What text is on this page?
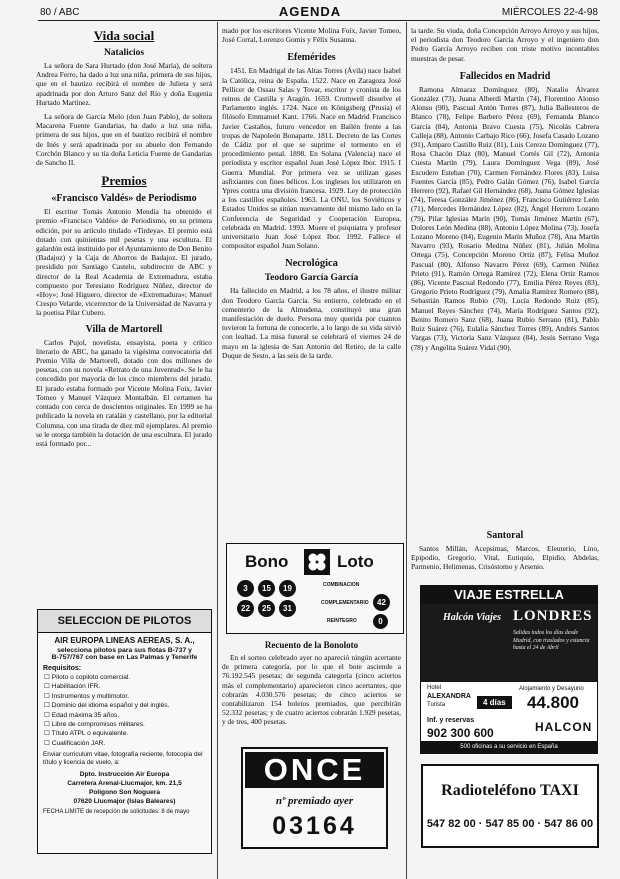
80 / ABC	AGENDA	MIÉRCOLES 22-4-98
Vida social
Natalicios

La señora de Sara Hurtado (don José María), de soltera Andrea Ferro, ha dado a luz una niña, primera de sus hijos, que en el bautizo recibirá el nombre de Julieta y será apadrinada por don Arturo Sanz del Río y doña Eugenia Hurtado Martínez.

La señora de García Melo (don Juan Pablo), de soltera Macarena Fuente Gandarias, ha dado a luz una niña, primera de sus hijos, que en el bautizo recibirá el nombre de Inés y será apadrinada por su abuelo don Fernando Corchón Blanco y su tía doña Leticia Fuente de Gandarias de Sancho II.

Premios
«Francisco Valdés» de Periodismo

El escritor Tomás Antonio Mendía ha obtenido el premio «Francisco Valdés» de Periodismo, en su primera edición, por su artículo titulado «Tirdeya». El premio está dotado con quinientas mil pesetas y una escultura. El galardón está instituido por el Ayuntamiento de Don Benito (Badajoz) y la Caja de Ahorros de Badajoz. El jurado, presidido por Santiago Castelo, subdirector de ABC y director de la Real Academia de Extremadura, estaba compuesto por Teresiano Rodríguez Núñez, director de «Hoy»; José Higuero, director de «Extremadura»; Manuel Crespo Velarde, vicerrector de la Universidad de Navarra y la poetisa Pilar Cubero.

Villa de Martorell

Carlos Pujol, novelista, ensayista, poeta y crítico literario de ABC, ha ganado la vigésima convocatoria del Premio Villa de Martorell, dotado con dos millones de pesetas, con su novela «Retrato de una Juventud». Se le ha concedido por mayoría de los cinco miembros del jurado. El jurado estaba formado por Vicente Molina Foix, Javier Tomeo y Manuel Vázquez Montalbán. El certamen ha contado con cerca de doscientos originales. En 1999 se ha publicado la novela en catalán y castellano, por la editorial Columna, con una tirada de diez mil ejemplares. Al premio se le otorga también la dotación de una escultura. El jurado está formado por...

SELECCION DE PILOTOS
AIR EUROPA LINEAS AEREAS, S. A.,
selecciona pilotos para sus flotas B-737 y
B-757/767 con base en Las Palmas y Tenerife
Requisitos:
☐ Piloto o copiloto comercial.
☐ Habilitación IFR.
☐ Instrumentos y multimotor.
☐ Dominio del idioma español y del inglés.
☐ Edad máxima 35 años.
☐ Libre de compromisos militares.
☐ Título ATPL o equivalente.
☐ Cualificación JAR.
Enviar curriculum vitae, fotografía reciente, fotocopia del título y licencia de vuelo, a:
Dpto. Instrucción Air Europa
Carretera Arenal-Llucmajor, km. 21,5
Polígono Son Noguera
07620 Llucmajor (Islas Baleares)
FECHA LIMITE de recepción de solicitudes: 8 de mayo

mado por los escritores Vicente Molina Foix, Javier Tomeo, José Corral, Lorenzo Gomis y Félix Susanna.

Efemérides

1451. En Madrigal de las Altas Torres (Ávila) nace Isabel la Católica, reina de España. 1522. Nace en Zaragoza José Pellicer de Ossau Salas y Tovar, escritor y cronista de los reinos de Castilla y Aragón. 1659. Cromwell disuelve el Parlamento inglés. 1724. Nace en Königsberg (Prusia) el filósofo Emmanuel Kant. 1766. Nace en Madrid Francisco Javier Castaños, futuro vencedor en Bailén frente a las tropas de Napoleón Bonaparte. 1811. Decreto de las Cortes de Cádiz por el que se suprime el tormento en el procedimiento penal. 1898. En Solana (Valencia) nace el periodista y escritor español Juan José López Ibor. 1915. I Guerra Mundial. Por primera vez se utilizan gases asfixiantes con fines bélicos. Los ingleses los utilizaron en Ypres contra una división francesa. 1929. Ley de protección a los castillos españoles. 1963. La ONU, los Soviéticos y Estados Unidos se sitúan nuevamente del mismo lado en la Conferencia de Seguridad y Cooperación Europea, celebrada en Madrid. 1993. Muere el psiquiatra y profesor universitario Juan José López Ibor. 1992. Fallece el compositor español Juan Solano.

Necrológica
Teodoro García García

Ha fallecido en Madrid, a los 78 años, el ilustre militar don Teodoro García García. Su entierro, celebrado en el cementerio de la Almudena, constituyó una gran manifestación de duelo. Persona muy querida por cuantos tuvieron la fortuna de conocerle, a lo largo de su vida sirvió con lealtad. La misa funeral se celebrará el viernes 24 de mayo en la iglesia de San Antonio del Retiro, de la calle Duque de Sesto, a las seis de la tarde.

Bono	Loto
COMBINACION
3	15	19
22	25	31
COMPLEMENTARIO	42
REINTEGRO	0
Recuento de la Bonoloto

En el sorteo celebrado ayer no apareció ningún acertante de primera categoría, por lo que el bote asciende a 76.192.545 pesetas; de segunda categoría (cinco aciertos más el complementario) aparecieron cinco acertantes, que cobrarán 4.030.576 pesetas; de cinco aciertos se contabilizaron 154 boletos premiados, que percibirán 52.332 pesetas; y de cuatro aciertos cobrarán 1.929 pesetas, y de tres, 400 pesetas.

ONCE
nº premiado ayer
03164

la tarde. Su viuda, doña Concepción Arroyo Arroyo y sus hijos, el periodista don Teodoro García Arroyo y el ingeniero don Pedro García Arroyo reciben con triste motivo incontables muestras de pesar.

Fallecidos en Madrid

Ramona Almaraz Domínguez (80), Natalio Álvarez González (73), Juana Alberdi Martín (74), Florentino Alonso Alonso (90), Pascual Antón Torres (87), Julia Ballesteros de Blanco (78), Felipe Barbero Pérez (69), Fernanda Blanco García (84), Antonia Bravo Cuesta (75), Nicolás Cabrera Calleja (88), Antonio Carbajo Rico (66), Josefa Casado Lozano (91), Amparo Castillo Ruiz (81), Luis Cerezo Domínguez (77), Rosa Chacón Díaz (80), Manuel Cortés Gil (72), Antonia Cuesta Martín (79), Laura Domínguez Vega (89), José Escudero Esteban (70), Carmen Fernández Flores (83), Luisa Fuentes García (85), Pedro Galán Gómez (76), Isabel García Herrero (92), Rafael Gil Hernández (68), Juana Gómez Iglesias (74), Teresa González Jiménez (86), Francisco Gutiérrez León (71), Mercedes Hernández López (82), Ángel Herrero Lozano (79), Pilar Iglesias Marín (90), Tomás Jiménez Martín (67), Dolores León Medina (88), Antonio López Molina (73), Josefa Lozano Moreno (84), Eugenio Marín Muñoz (78), Ana Martín Navarro (93), Rosario Medina Núñez (81), Julián Molina Ortega (75), Concepción Moreno Ortiz (87), Felisa Muñoz Pascual (80), Alfonso Navarro Pérez (69), Carmen Núñez Prieto (91), Ramón Ortega Ramírez (72), Elena Ortiz Ramos (86), Vicente Pascual Redondo (77), Emilia Pérez Reyes (83), Gregorio Prieto Rodríguez (79), Amalia Ramírez Romero (88), Sebastián Ramos Rubio (70), Lucía Redondo Ruiz (85), Manuel Reyes Sánchez (74), María Rodríguez Santos (92), Benito Romero Sanz (68), Juana Rubio Serrano (81), Pablo Ruiz Suárez (76), Eulalia Sánchez Torres (89), Andrés Santos Vargas (73), Victoria Sanz Vázquez (84), Jesús Serrano Vega (78) y Angelita Suárez Vidal (90).

Santoral

Santos Millán, Acepsimas, Marcos, Eleuterio, Lino, Epipodio, Gregorio, Vital, Eutiquio, Elpidio, Abdelas, Parmenio, Helimenas, Crisóstomo y Arsenio.

VIAJE ESTRELLA
Halcón Viajes LONDRES
Salidas todos los días desde Madrid, con traslados y estancia hasta el 24 de Abril
Hotel
ALEXANDRA
Turista
Alojamiento y Desayuno
4 días	44.800
Inf. y reservas
902 300 600	HALCON
500 oficinas a su servicio en España
Radioteléfono TAXI
547 82 00 · 547 85 00 · 547 86 00
